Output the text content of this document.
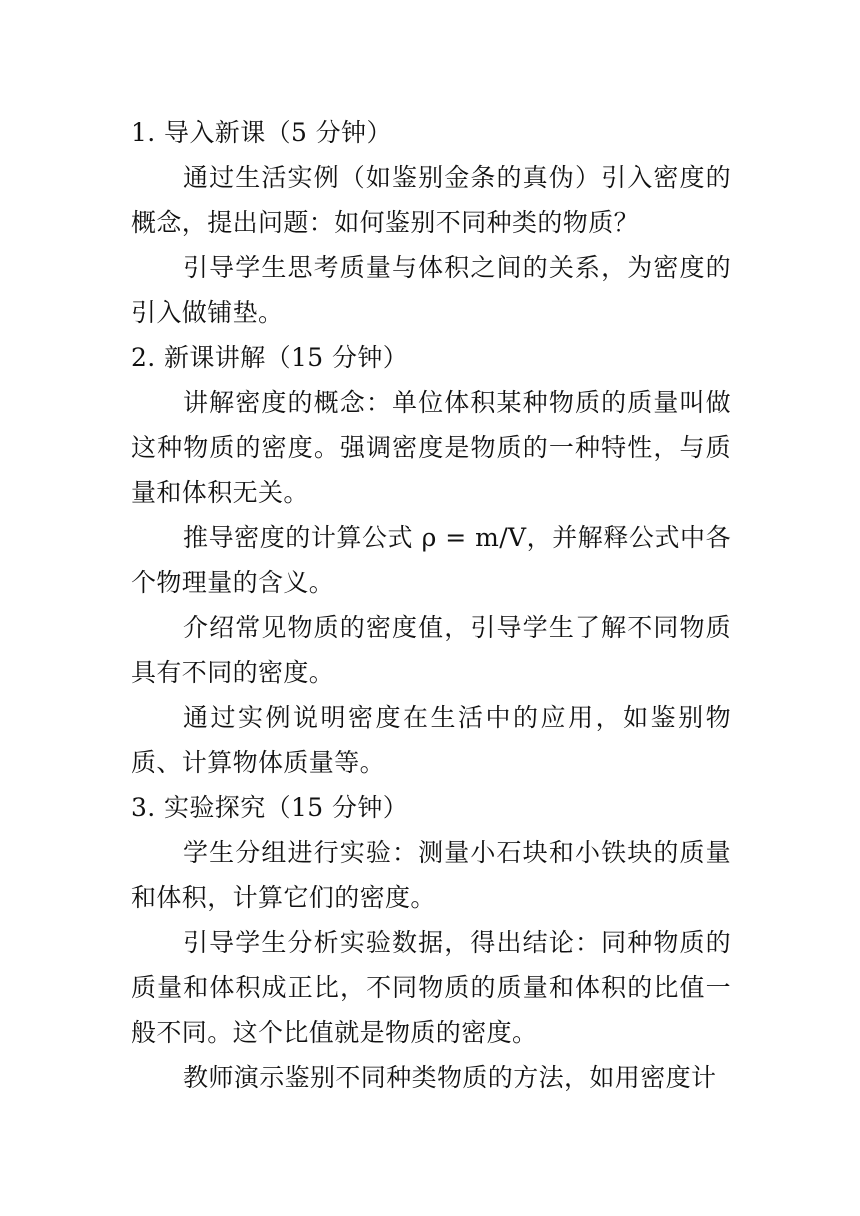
1. 导入新课（5 分钟）

通过生活实例（如鉴别金条的真伪）引入密度的概念，提出问题：如何鉴别不同种类的物质？

引导学生思考质量与体积之间的关系，为密度的引入做铺垫。

2. 新课讲解（15 分钟）

讲解密度的概念：单位体积某种物质的质量叫做这种物质的密度。强调密度是物质的一种特性，与质量和体积无关。

推导密度的计算公式 ρ = m/V，并解释公式中各个物理量的含义。

介绍常见物质的密度值，引导学生了解不同物质具有不同的密度。

通过实例说明密度在生活中的应用，如鉴别物质、计算物体质量等。

3. 实验探究（15 分钟）

学生分组进行实验：测量小石块和小铁块的质量和体积，计算它们的密度。

引导学生分析实验数据，得出结论：同种物质的质量和体积成正比，不同物质的质量和体积的比值一般不同。这个比值就是物质的密度。

教师演示鉴别不同种类物质的方法，如用密度计
